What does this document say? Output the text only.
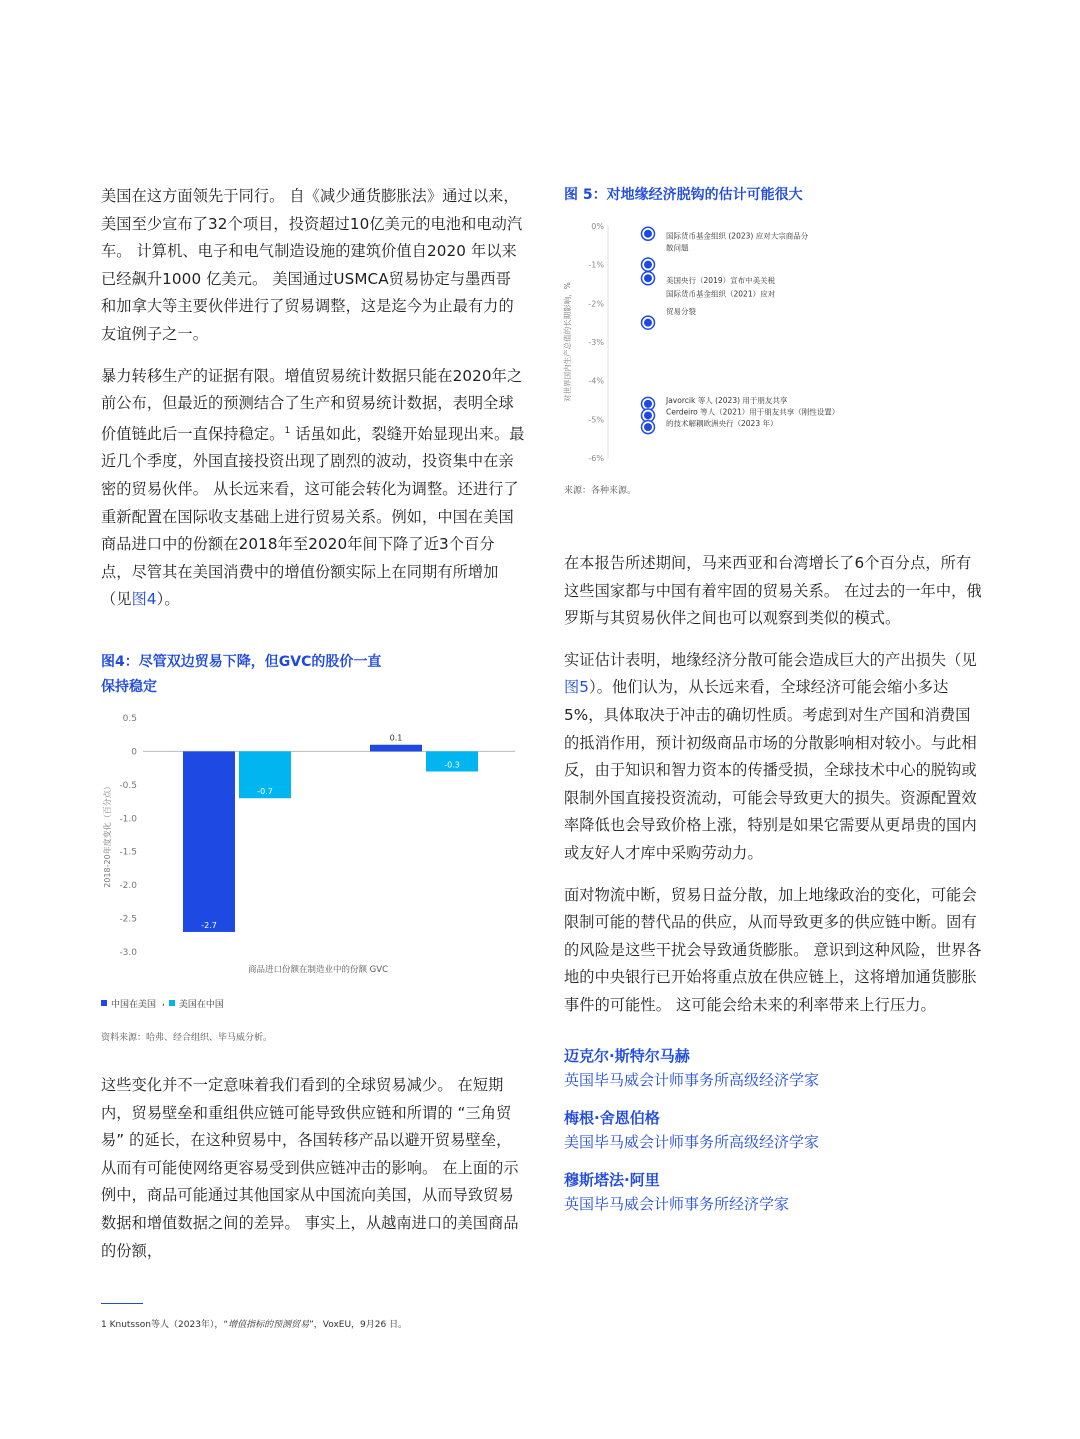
美国在这方面领先于同行。 自《减少通货膨胀法》通过以来，美国至少宣布了32个项目，投资超过10亿美元的电池和电动汽车。 计算机、电子和电气制造设施的建筑价值自2020 年以来已经飙升1000 亿美元。 美国通过USMCA贸易协定与墨西哥和加拿大等主要伙伴进行了贸易调整，这是迄今为止最有力的友谊例子之一。

暴力转移生产的证据有限。增值贸易统计数据只能在2020年之前公布，但最近的预测结合了生产和贸易统计数据，表明全球价值链此后一直保持稳定。$^1$ 话虽如此，裂缝开始显现出来。最近几个季度，外国直接投资出现了剧烈的波动，投资集中在亲密的贸易伙伴。 从长远来看，这可能会转化为调整。还进行了重新配置在国际收支基础上进行贸易关系。例如，中国在美国商品进口中的份额在2018年至2020年间下降了近3个百分点，尽管其在美国消费中的增值份额实际上在同期有所增加（见图4）。

图4：尽管双边贸易下降，但GVC的股价一直
保持稳定

0.5
0
-0.5
-1.0
-1.5
-2.0
-2.5
-3.0
2018-20年度变化（百分点）
-2.7
0.1
-0.7
-0.3
商品进口份额在制造业中的份额 GVC
中国在美国 , 美国在中国
资料来源：哈弗、经合组织、毕马威分析。

这些变化并不一定意味着我们看到的全球贸易减少。 在短期内，贸易壁垒和重组供应链可能导致供应链和所谓的 “三角贸易” 的延长，在这种贸易中，各国转移产品以避开贸易壁垒，从而有可能使网络更容易受到供应链冲击的影响。 在上面的示例中，商品可能通过其他国家从中国流向美国，从而导致贸易数据和增值数据之间的差异。 事实上，从越南进口的美国商品的份额，

图 5：对地缘经济脱钩的估计可能很大

0%
-1%
-2%
-3%
-4%
-5%
-6%
对世界国内生产总值的长期影响，%
国际货币基金组织 (2023) 应对大宗商品分
散问题
美国央行（2019）宣布中美关税
国际货币基金组织（2021）应对
贸易分裂
Javorcik 等人 (2023) 用于朋友共享
Cerdeiro 等人（2021）用于朋友共享（刚性设置）
的技术解耦欧洲央行（2023 年）
来源：各种来源。

在本报告所述期间，马来西亚和台湾增长了6个百分点，所有这些国家都与中国有着牢固的贸易关系。 在过去的一年中，俄罗斯与其贸易伙伴之间也可以观察到类似的模式。

实证估计表明，地缘经济分散可能会造成巨大的产出损失（见图5）。他们认为，从长远来看，全球经济可能会缩小多达5%，具体取决于冲击的确切性质。考虑到对生产国和消费国的抵消作用，预计初级商品市场的分散影响相对较小。与此相反，由于知识和智力资本的传播受损，全球技术中心的脱钩或限制外国直接投资流动，可能会导致更大的损失。资源配置效率降低也会导致价格上涨，特别是如果它需要从更昂贵的国内或友好人才库中采购劳动力。

面对物流中断，贸易日益分散，加上地缘政治的变化，可能会限制可能的替代品的供应，从而导致更多的供应链中断。固有的风险是这些干扰会导致通货膨胀。 意识到这种风险，世界各地的中央银行已开始将重点放在供应链上，这将增加通货膨胀事件的可能性。 这可能会给未来的利率带来上行压力。

迈克尔·斯特尔马赫

英国毕马威会计师事务所高级经济学家

梅根·舍恩伯格

美国毕马威会计师事务所高级经济学家

穆斯塔法·阿里

英国毕马威会计师事务所经济学家

1 Knutsson等人（2023年），“增值指标的预测贸易”，VoxEU，9月26 日。
